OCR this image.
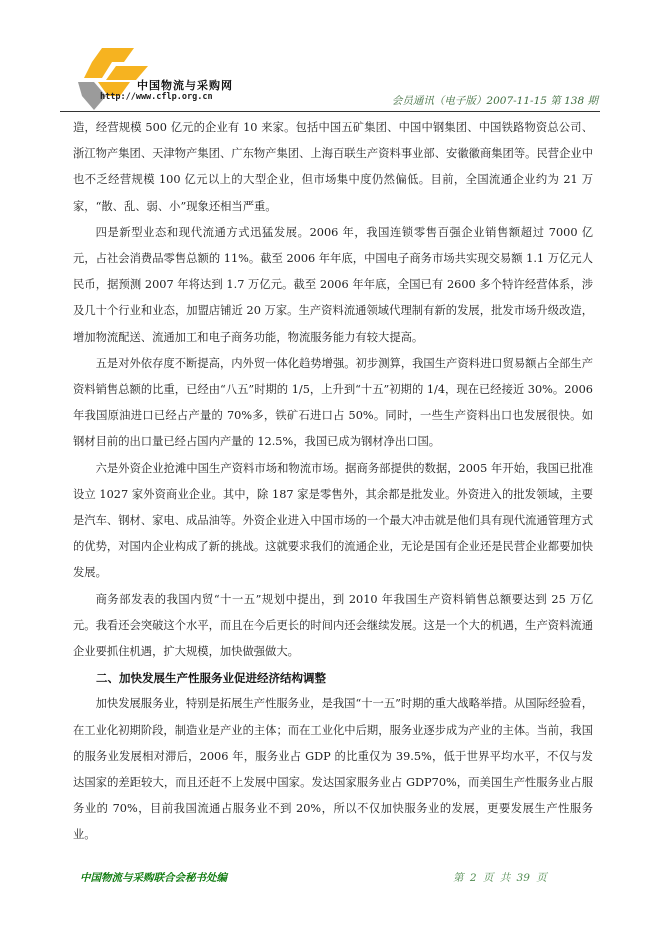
中国物流与采购网
http://www.cflp.org.cn	会员通讯（电子版）2007-11-15 第 138 期

造，经营规模 500 亿元的企业有 10 来家。包括中国五矿集团、中国中钢集团、中国铁路物资总公司、浙江物产集团、天津物产集团、广东物产集团、上海百联生产资料事业部、安徽徽商集团等。民营企业中也不乏经营规模 100 亿元以上的大型企业，但市场集中度仍然偏低。目前，全国流通企业约为 21 万家，“散、乱、弱、小”现象还相当严重。

四是新型业态和现代流通方式迅猛发展。2006 年，我国连锁零售百强企业销售额超过 7000 亿元，占社会消费品零售总额的 11%。截至 2006 年年底，中国电子商务市场共实现交易额 1.1 万亿元人民币，据预测 2007 年将达到 1.7 万亿元。截至 2006 年年底，全国已有 2600 多个特许经营体系，涉及几十个行业和业态，加盟店铺近 20 万家。生产资料流通领域代理制有新的发展，批发市场升级改造，增加物流配送、流通加工和电子商务功能，物流服务能力有较大提高。

五是对外依存度不断提高，内外贸一体化趋势增强。初步测算，我国生产资料进口贸易额占全部生产资料销售总额的比重，已经由“八五”时期的 1/5，上升到“十五”初期的 1/4，现在已经接近 30%。2006 年我国原油进口已经占产量的 70%多，铁矿石进口占 50%。同时，一些生产资料出口也发展很快。如钢材目前的出口量已经占国内产量的 12.5%，我国已成为钢材净出口国。

六是外资企业抢滩中国生产资料市场和物流市场。据商务部提供的数据，2005 年开始，我国已批准设立 1027 家外资商业企业。其中，除 187 家是零售外，其余都是批发业。外资进入的批发领域，主要是汽车、钢材、家电、成品油等。外资企业进入中国市场的一个最大冲击就是他们具有现代流通管理方式的优势，对国内企业构成了新的挑战。这就要求我们的流通企业，无论是国有企业还是民营企业都要加快发展。

商务部发表的我国内贸“十一五”规划中提出，到 2010 年我国生产资料销售总额要达到 25 万亿元。我看还会突破这个水平，而且在今后更长的时间内还会继续发展。这是一个大的机遇，生产资料流通企业要抓住机遇，扩大规模，加快做强做大。

二、加快发展生产性服务业促进经济结构调整

加快发展服务业，特别是拓展生产性服务业，是我国“十一五”时期的重大战略举措。从国际经验看，在工业化初期阶段，制造业是产业的主体；而在工业化中后期，服务业逐步成为产业的主体。当前，我国的服务业发展相对滞后，2006 年，服务业占 GDP 的比重仅为 39.5%，低于世界平均水平，不仅与发达国家的差距较大，而且还赶不上发展中国家。发达国家服务业占 GDP70%，而美国生产性服务业占服务业的 70%，目前我国流通占服务业不到 20%，所以不仅加快服务业的发展，更要发展生产性服务业。

中国物流与采购联合会秘书处编	第 2 页 共 39 页
